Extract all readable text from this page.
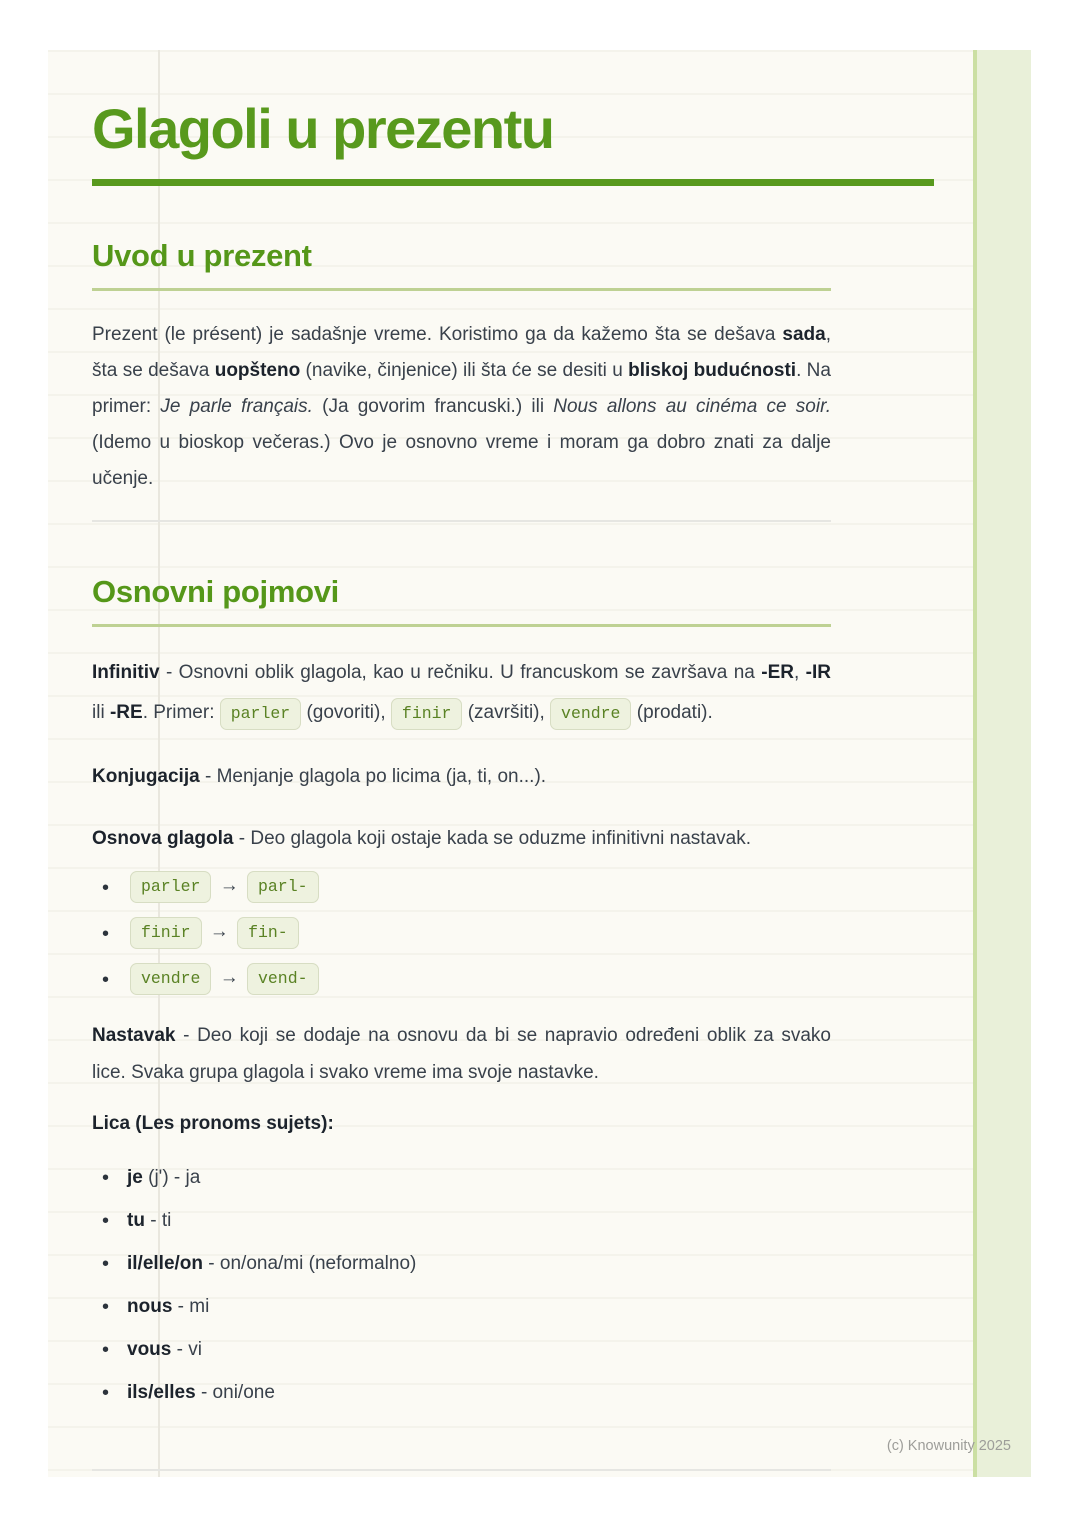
Glagoli u prezentu
Uvod u prezent

Prezent (le présent) je sadašnje vreme. Koristimo ga da kažemo šta se dešava sada, šta se dešava uopšteno (navike, činjenice) ili šta će se desiti u bliskoj budućnosti. Na primer: Je parle français. (Ja govorim francuski.) ili Nous allons au cinéma ce soir. (Idemo u bioskop večeras.) Ovo je osnovno vreme i moram ga dobro znati za dalje učenje.

Osnovni pojmovi

Infinitiv - Osnovni oblik glagola, kao u rečniku. U francuskom se završava na -ER, -IR ili -RE. Primer: parler (govoriti), finir (završiti), vendre (prodati).

Konjugacija - Menjanje glagola po licima (ja, ti, on...).

Osnova glagola - Deo glagola koji ostaje kada se oduzme infinitivni nastavak.

• parler → parl-
• finir → fin-
• vendre → vend-

Nastavak - Deo koji se dodaje na osnovu da bi se napravio određeni oblik za svako lice. Svaka grupa glagola i svako vreme ima svoje nastavke.

Lica (Les pronoms sujets):

• je (j') - ja
• tu - ti
• il/elle/on - on/ona/mi (neformalno)
• nous - mi
• vous - vi
• ils/elles - oni/one
(c) Knowunity 2025
